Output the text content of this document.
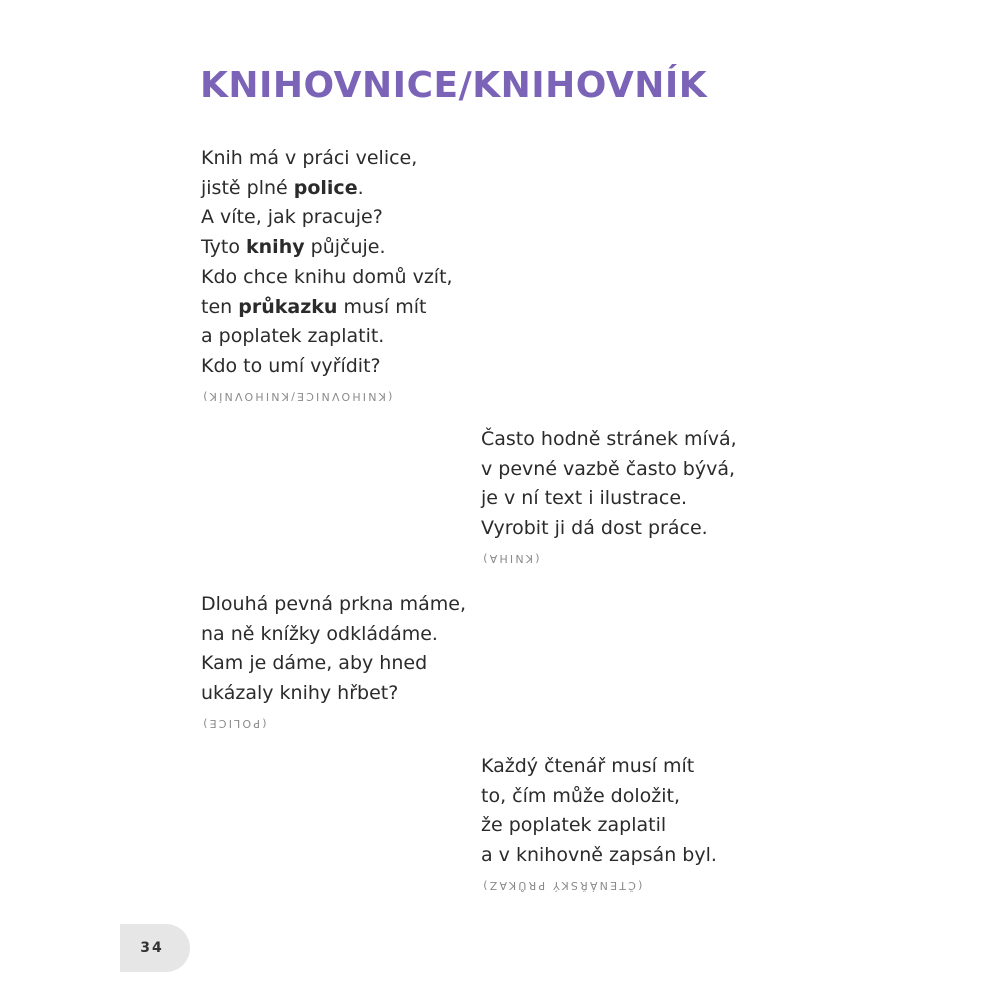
KNIHOVNICE/KNIHOVNÍK
Knih má v práci velice,
jistě plné police.
A víte, jak pracuje?
Tyto knihy půjčuje.
Kdo chce knihu domů vzít,
ten průkazku musí mít
a poplatek zaplatit.
Kdo to umí vyřídit?
(KNIHOVNICE/KNIHOVNÍK)
Často hodně stránek mívá,
v pevné vazbě často bývá,
je v ní text i ilustrace.
Vyrobit ji dá dost práce.
(KNIHA)
Dlouhá pevná prkna máme,
na ně knížky odkládáme.
Kam je dáme, aby hned
ukázaly knihy hřbet?
(POLICE)
Každý čtenář musí mít
to, čím může doložit,
že poplatek zaplatil
a v knihovně zapsán byl.
(ČTENÁŘSKÝ PRŮKAZ)
34
